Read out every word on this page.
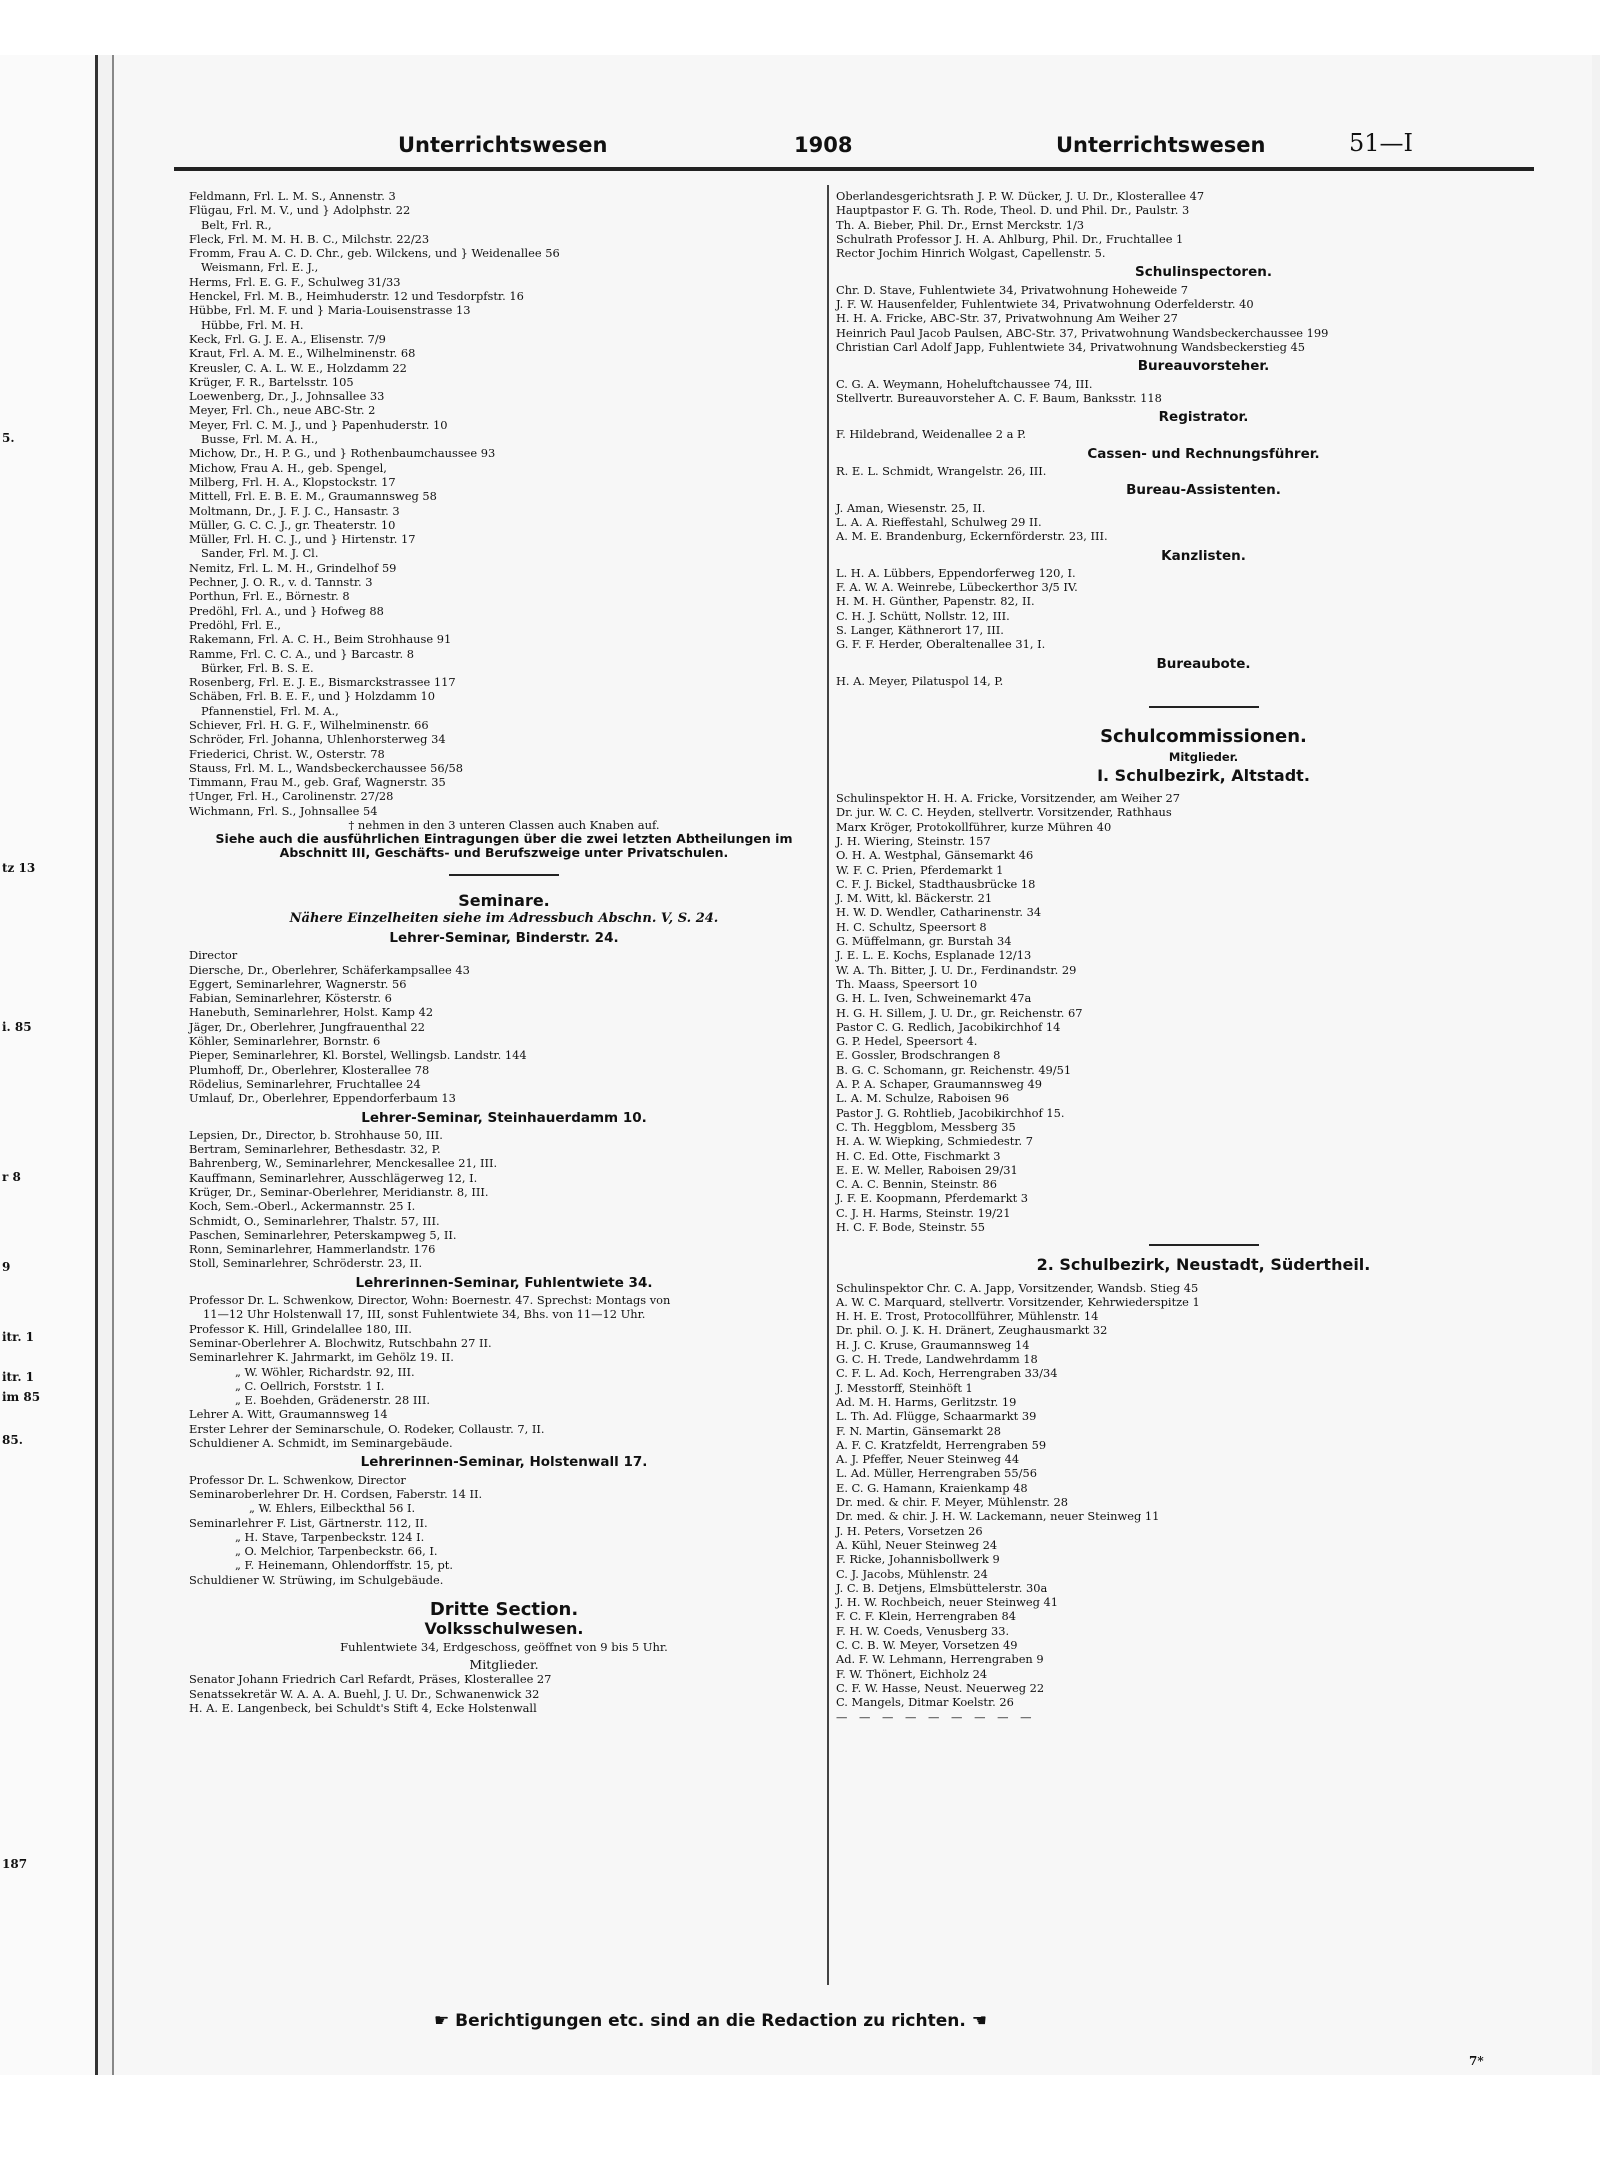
5.
tz 13
i. 85
r 8
9
itr. 1
itr. 1
im 85
85.
187
Unterrichtswesen	1908	Unterrichtswesen	51—I

Feldmann, Frl. L. M. S., Annenstr. 3

Flügau, Frl. M. V., und } Adolphstr. 22

Belt, Frl. R.,

Fleck, Frl. M. M. H. B. C., Milchstr. 22/23

Fromm, Frau A. C. D. Chr., geb. Wilckens, und } Weidenallee 56

Weismann, Frl. E. J.,

Herms, Frl. E. G. F., Schulweg 31/33

Henckel, Frl. M. B., Heimhuderstr. 12 und Tesdorpfstr. 16

Hübbe, Frl. M. F. und } Maria-Louisenstrasse 13

Hübbe, Frl. M. H.

Keck, Frl. G. J. E. A., Elisenstr. 7/9

Kraut, Frl. A. M. E., Wilhelminenstr. 68

Kreusler, C. A. L. W. E., Holzdamm 22

Krüger, F. R., Bartelsstr. 105

Loewenberg, Dr., J., Johnsallee 33

Meyer, Frl. Ch., neue ABC-Str. 2

Meyer, Frl. C. M. J., und } Papenhuderstr. 10

Busse, Frl. M. A. H.,

Michow, Dr., H. P. G., und } Rothenbaumchaussee 93

Michow, Frau A. H., geb. Spengel,

Milberg, Frl. H. A., Klopstockstr. 17

Mittell, Frl. E. B. E. M., Graumannsweg 58

Moltmann, Dr., J. F. J. C., Hansastr. 3

Müller, G. C. C. J., gr. Theaterstr. 10

Müller, Frl. H. C. J., und } Hirtenstr. 17

Sander, Frl. M. J. Cl.

Nemitz, Frl. L. M. H., Grindelhof 59

Pechner, J. O. R., v. d. Tannstr. 3

Porthun, Frl. E., Börnestr. 8

Predöhl, Frl. A., und } Hofweg 88

Predöhl, Frl. E.,

Rakemann, Frl. A. C. H., Beim Strohhause 91

Ramme, Frl. C. C. A., und } Barcastr. 8

Bürker, Frl. B. S. E.

Rosenberg, Frl. E. J. E., Bismarckstrassee 117

Schäben, Frl. B. E. F., und } Holzdamm 10

Pfannenstiel, Frl. M. A.,

Schiever, Frl. H. G. F., Wilhelminenstr. 66

Schröder, Frl. Johanna, Uhlenhorsterweg 34

Friederici, Christ. W., Osterstr. 78

Stauss, Frl. M. L., Wandsbeckerchaussee 56/58

Timmann, Frau M., geb. Graf, Wagnerstr. 35

†Unger, Frl. H., Carolinenstr. 27/28

Wichmann, Frl. S., Johnsallee 54

† nehmen in den 3 unteren Classen auch Knaben auf.

Siehe auch die ausführlichen Eintragungen über die zwei letzten Abtheilungen im Abschnitt III, Geschäfts- und Berufszweige unter Privatschulen.

Seminare.

Nähere Einzelheiten siehe im Adressbuch Abschn. V, S. 24.

Lehrer-Seminar, Binderstr. 24.

Director

Diersche, Dr., Oberlehrer, Schäferkampsallee 43

Eggert, Seminarlehrer, Wagnerstr. 56

Fabian, Seminarlehrer, Kösterstr. 6

Hanebuth, Seminarlehrer, Holst. Kamp 42

Jäger, Dr., Oberlehrer, Jungfrauenthal 22

Köhler, Seminarlehrer, Bornstr. 6

Pieper, Seminarlehrer, Kl. Borstel, Wellingsb. Landstr. 144

Plumhoff, Dr., Oberlehrer, Klosterallee 78

Rödelius, Seminarlehrer, Fruchtallee 24

Umlauf, Dr., Oberlehrer, Eppendorferbaum 13

Lehrer-Seminar, Steinhauerdamm 10.

Lepsien, Dr., Director, b. Strohhause 50, III.

Bertram, Seminarlehrer, Bethesdastr. 32, P.

Bahrenberg, W., Seminarlehrer, Menckesallee 21, III.

Kauffmann, Seminarlehrer, Ausschlägerweg 12, I.

Krüger, Dr., Seminar-Oberlehrer, Meridianstr. 8, III.

Koch, Sem.-Oberl., Ackermannstr. 25 I.

Schmidt, O., Seminarlehrer, Thalstr. 57, III.

Paschen, Seminarlehrer, Peterskampweg 5, II.

Ronn, Seminarlehrer, Hammerlandstr. 176

Stoll, Seminarlehrer, Schröderstr. 23, II.

Lehrerinnen-Seminar, Fuhlentwiete 34.

Professor Dr. L. Schwenkow, Director, Wohn: Boernestr. 47. Sprechst: Montags von

11—12 Uhr Holstenwall 17, III, sonst Fuhlentwiete 34, Bhs. von 11—12 Uhr.

Professor K. Hill, Grindelallee 180, III.

Seminar-Oberlehrer A. Blochwitz, Rutschbahn 27 II.

Seminarlehrer K. Jahrmarkt, im Gehölz 19. II.

„ W. Wöhler, Richardstr. 92, III.

„ C. Oellrich, Forststr. 1 I.

„ E. Boehden, Grädenerstr. 28 III.

Lehrer A. Witt, Graumannsweg 14

Erster Lehrer der Seminarschule, O. Rodeker, Collaustr. 7, II.

Schuldiener A. Schmidt, im Seminargebäude.

Lehrerinnen-Seminar, Holstenwall 17.

Professor Dr. L. Schwenkow, Director

Seminaroberlehrer Dr. H. Cordsen, Faberstr. 14 II.

„ W. Ehlers, Eilbeckthal 56 I.

Seminarlehrer F. List, Gärtnerstr. 112, II.

„ H. Stave, Tarpenbeckstr. 124 I.

„ O. Melchior, Tarpenbeckstr. 66, I.

„ F. Heinemann, Ohlendorffstr. 15, pt.

Schuldiener W. Strüwing, im Schulgebäude.

Dritte Section.

Volksschulwesen.

Fuhlentwiete 34, Erdgeschoss, geöffnet von 9 bis 5 Uhr.

Mitglieder.

Senator Johann Friedrich Carl Refardt, Präses, Klosterallee 27

Senatssekretär W. A. A. A. Buehl, J. U. Dr., Schwanenwick 32

H. A. E. Langenbeck, bei Schuldt's Stift 4, Ecke Holstenwall

Oberlandesgerichtsrath J. P. W. Dücker, J. U. Dr., Klosterallee 47

Hauptpastor F. G. Th. Rode, Theol. D. und Phil. Dr., Paulstr. 3

Th. A. Bieber, Phil. Dr., Ernst Merckstr. 1/3

Schulrath Professor J. H. A. Ahlburg, Phil. Dr., Fruchtallee 1

Rector Jochim Hinrich Wolgast, Capellenstr. 5.

Schulinspectoren.

Chr. D. Stave, Fuhlentwiete 34, Privatwohnung Hoheweide 7

J. F. W. Hausenfelder, Fuhlentwiete 34, Privatwohnung Oderfelderstr. 40

H. H. A. Fricke, ABC-Str. 37, Privatwohnung Am Weiher 27

Heinrich Paul Jacob Paulsen, ABC-Str. 37, Privatwohnung Wandsbeckerchaussee 199

Christian Carl Adolf Japp, Fuhlentwiete 34, Privatwohnung Wandsbeckerstieg 45

Bureauvorsteher.

C. G. A. Weymann, Hoheluftchaussee 74, III.

Stellvertr. Bureauvorsteher A. C. F. Baum, Banksstr. 118

Registrator.

F. Hildebrand, Weidenallee 2 a P.

Cassen- und Rechnungsführer.

R. E. L. Schmidt, Wrangelstr. 26, III.

Bureau-Assistenten.

J. Aman, Wiesenstr. 25, II.

L. A. A. Rieffestahl, Schulweg 29 II.

A. M. E. Brandenburg, Eckernförderstr. 23, III.

Kanzlisten.

L. H. A. Lübbers, Eppendorferweg 120, I.

F. A. W. A. Weinrebe, Lübeckerthor 3/5 IV.

H. M. H. Günther, Papenstr. 82, II.

C. H. J. Schütt, Nollstr. 12, III.

S. Langer, Käthnerort 17, III.

G. F. F. Herder, Oberaltenallee 31, I.

Bureaubote.

H. A. Meyer, Pilatuspol 14, P.

Schulcommissionen.

Mitglieder.

I. Schulbezirk, Altstadt.

Schulinspektor H. H. A. Fricke, Vorsitzender, am Weiher 27

Dr. jur. W. C. C. Heyden, stellvertr. Vorsitzender, Rathhaus

Marx Kröger, Protokollführer, kurze Mühren 40

J. H. Wiering, Steinstr. 157

O. H. A. Westphal, Gänsemarkt 46

W. F. C. Prien, Pferdemarkt 1

C. F. J. Bickel, Stadthausbrücke 18

J. M. Witt, kl. Bäckerstr. 21

H. W. D. Wendler, Catharinenstr. 34

H. C. Schultz, Speersort 8

G. Müffelmann, gr. Burstah 34

J. E. L. E. Kochs, Esplanade 12/13

W. A. Th. Bitter, J. U. Dr., Ferdinandstr. 29

Th. Maass, Speersort 10

G. H. L. Iven, Schweinemarkt 47a

H. G. H. Sillem, J. U. Dr., gr. Reichenstr. 67

Pastor C. G. Redlich, Jacobikirchhof 14

G. P. Hedel, Speersort 4.

E. Gossler, Brodschrangen 8

B. G. C. Schomann, gr. Reichenstr. 49/51

A. P. A. Schaper, Graumannsweg 49

L. A. M. Schulze, Raboisen 96

Pastor J. G. Rohtlieb, Jacobikirchhof 15.

C. Th. Heggblom, Messberg 35

H. A. W. Wiepking, Schmiedestr. 7

H. C. Ed. Otte, Fischmarkt 3

E. E. W. Meller, Raboisen 29/31

C. A. C. Bennin, Steinstr. 86

J. F. E. Koopmann, Pferdemarkt 3

C. J. H. Harms, Steinstr. 19/21

H. C. F. Bode, Steinstr. 55

2. Schulbezirk, Neustadt, Südertheil.

Schulinspektor Chr. C. A. Japp, Vorsitzender, Wandsb. Stieg 45

A. W. C. Marquard, stellvertr. Vorsitzender, Kehrwiederspitze 1

H. H. E. Trost, Protocollführer, Mühlenstr. 14

Dr. phil. O. J. K. H. Dränert, Zeughausmarkt 32

H. J. C. Kruse, Graumannsweg 14

G. C. H. Trede, Landwehrdamm 18

C. F. L. Ad. Koch, Herrengraben 33/34

J. Messtorff, Steinhöft 1

Ad. M. H. Harms, Gerlitzstr. 19

L. Th. Ad. Flügge, Schaarmarkt 39

F. N. Martin, Gänsemarkt 28

A. F. C. Kratzfeldt, Herrengraben 59

A. J. Pfeffer, Neuer Steinweg 44

L. Ad. Müller, Herrengraben 55/56

E. C. G. Hamann, Kraienkamp 48

Dr. med. & chir. F. Meyer, Mühlenstr. 28

Dr. med. & chir. J. H. W. Lackemann, neuer Steinweg 11

J. H. Peters, Vorsetzen 26

A. Kühl, Neuer Steinweg 24

F. Ricke, Johannisbollwerk 9

C. J. Jacobs, Mühlenstr. 24

J. C. B. Detjens, Elmsbüttelerstr. 30a

J. H. W. Rochbeich, neuer Steinweg 41

F. C. F. Klein, Herrengraben 84

F. H. W. Coeds, Venusberg 33.

C. C. B. W. Meyer, Vorsetzen 49

Ad. F. W. Lehmann, Herrengraben 9

F. W. Thönert, Eichholz 24

C. F. W. Hasse, Neust. Neuerweg 22

C. Mangels, Ditmar Koelstr. 26

— — — — — — — — —

☛ Berichtigungen etc. sind an die Redaction zu richten. ☚
7*
